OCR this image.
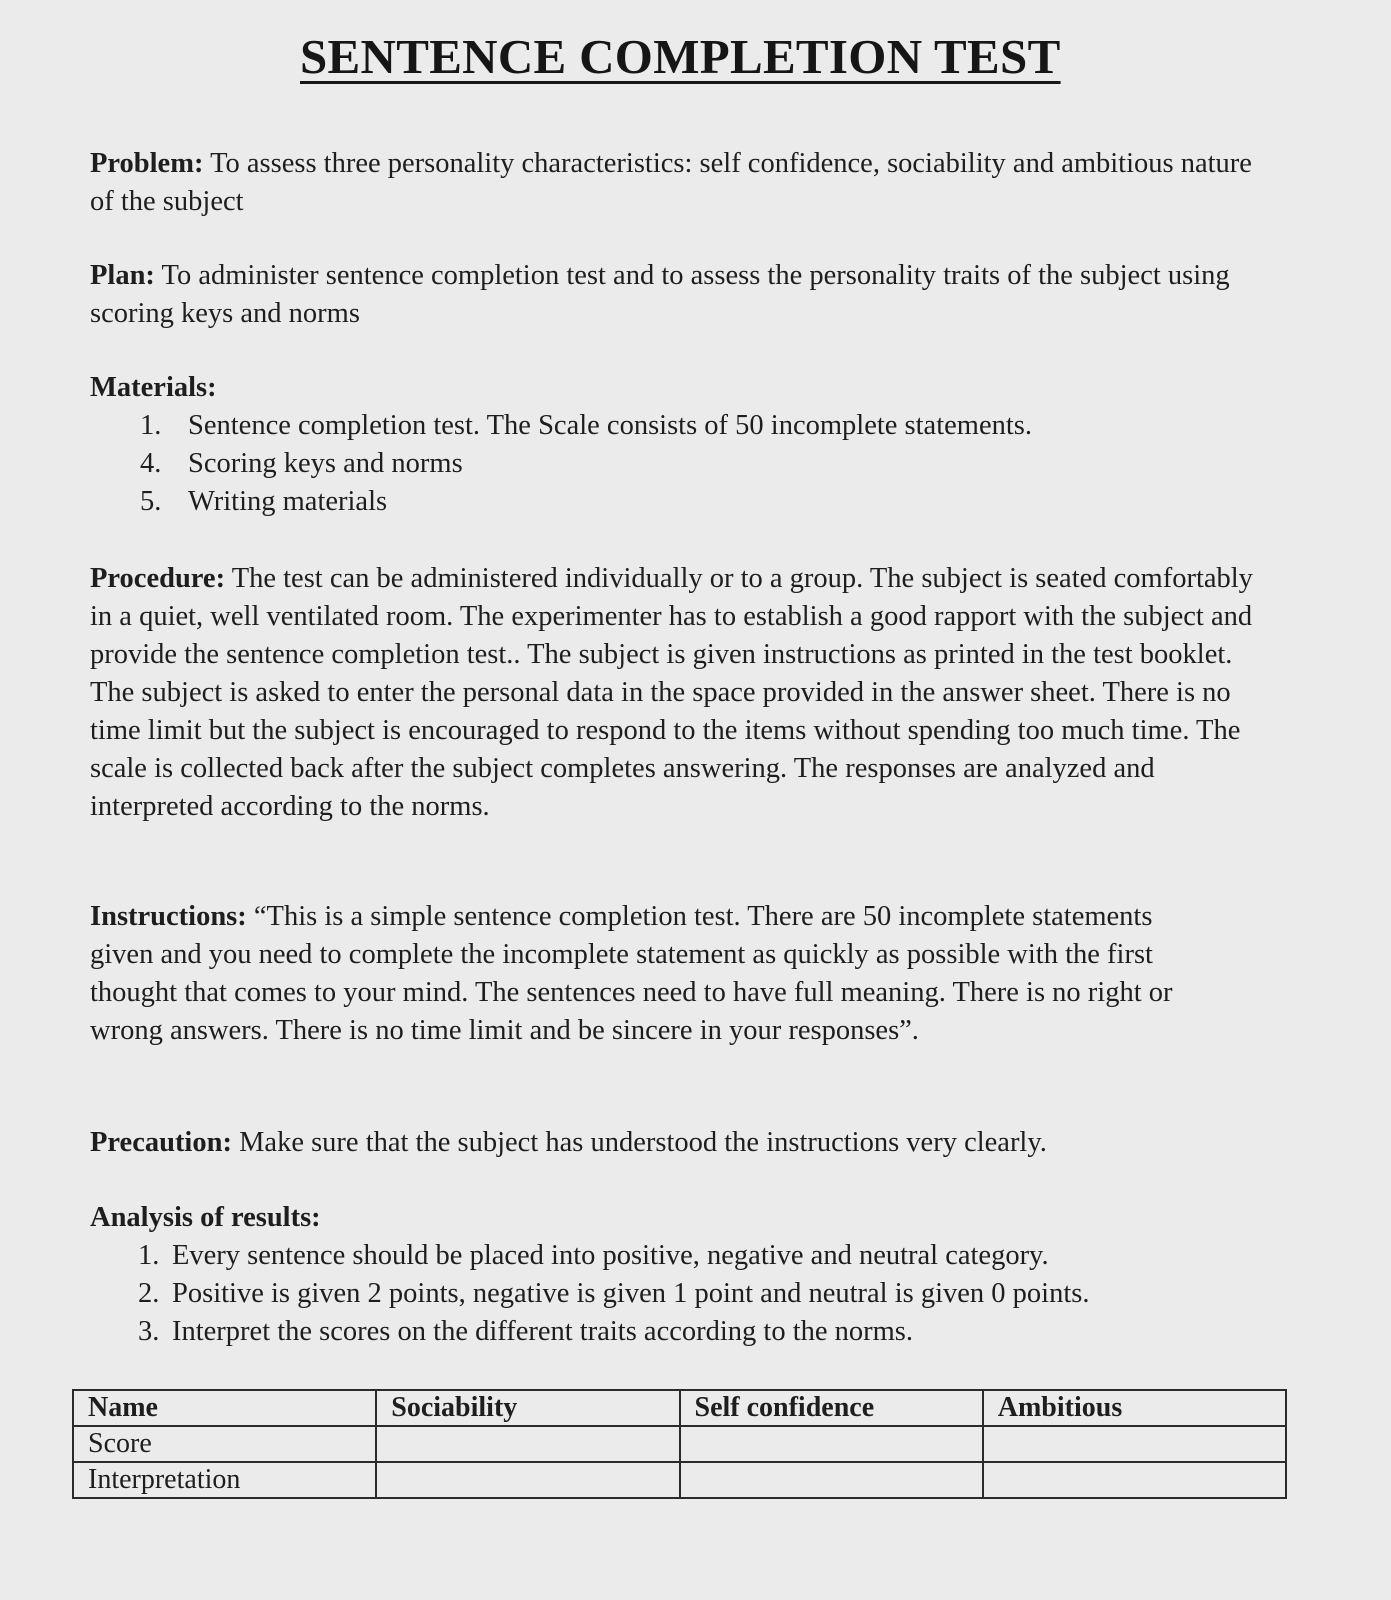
SENTENCE COMPLETION TEST
Problem: To assess three personality characteristics: self confidence, sociability and ambitious nature of the subject
Plan: To administer sentence completion test and to assess the personality traits of the subject using scoring keys and norms
Materials:
1. Sentence completion test. The Scale consists of 50 incomplete statements.
4. Scoring keys and norms
5. Writing materials
Procedure: The test can be administered individually or to a group. The subject is seated comfortably in a quiet, well ventilated room. The experimenter has to establish a good rapport with the subject and provide the sentence completion test.. The subject is given instructions as printed in the test booklet. The subject is asked to enter the personal data in the space provided in the answer sheet. There is no time limit but the subject is encouraged to respond to the items without spending too much time. The scale is collected back after the subject completes answering. The responses are analyzed and interpreted according to the norms.
Instructions: “This is a simple sentence completion test. There are 50 incomplete statements given and you need to complete the incomplete statement as quickly as possible with the first thought that comes to your mind. The sentences need to have full meaning. There is no right or wrong answers. There is no time limit and be sincere in your responses”.
Precaution: Make sure that the subject has understood the instructions very clearly.
Analysis of results:
1. Every sentence should be placed into positive, negative and neutral category.
2. Positive is given 2 points, negative is given 1 point and neutral is given 0 points.
3. Interpret the scores on the different traits according to the norms.
Name	Sociability	Self confidence	Ambitious
Score			
Interpretation			
